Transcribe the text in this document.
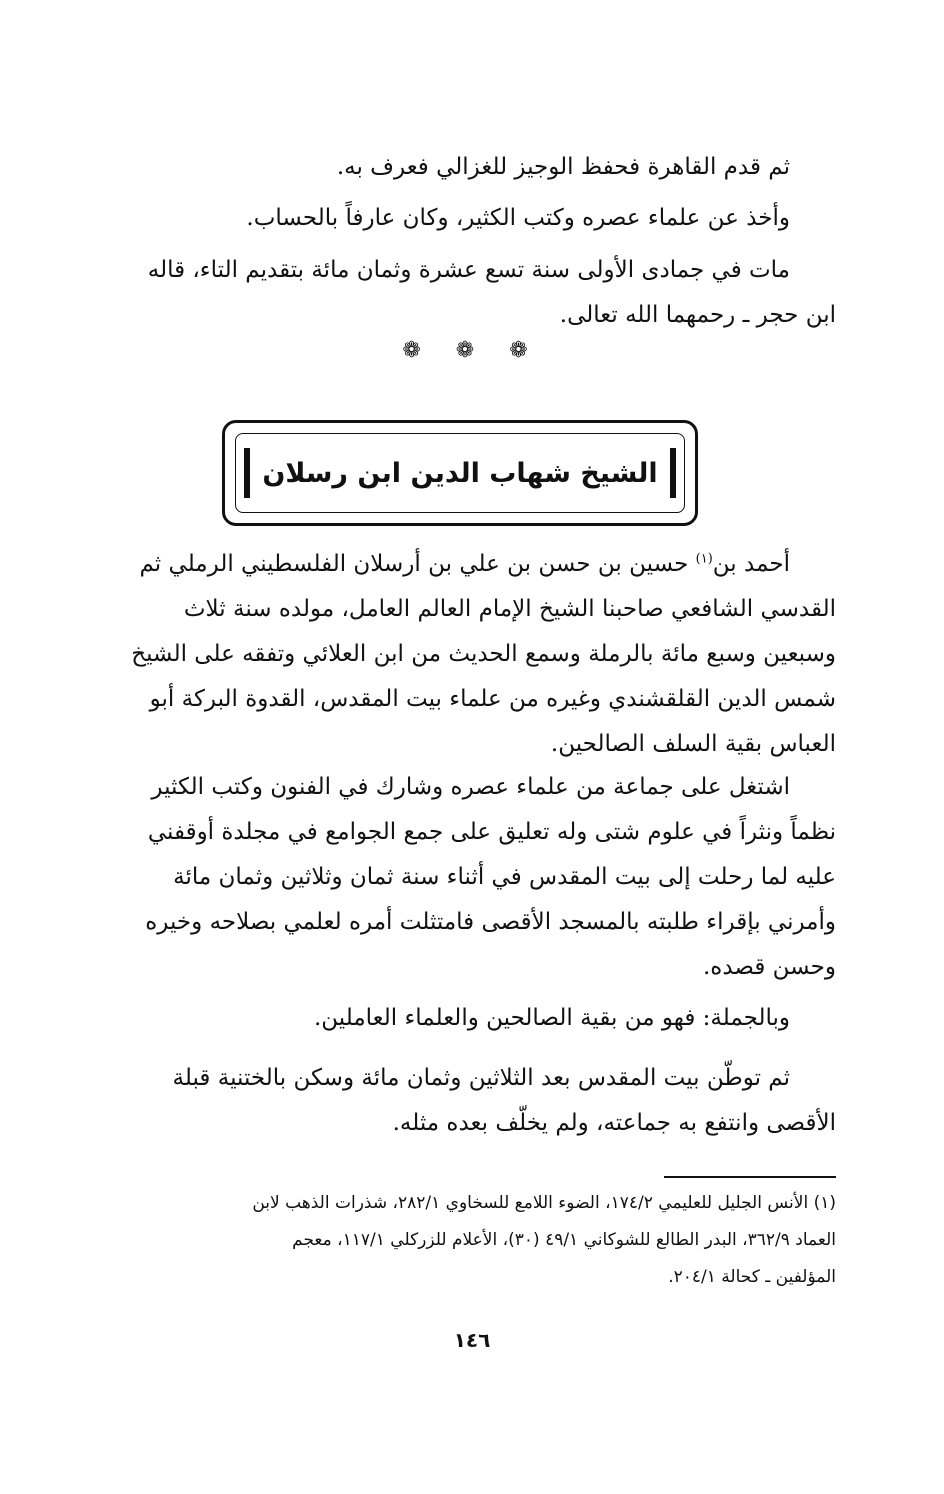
ثم قدم القاهرة فحفظ الوجيز للغزالي فعرف به.
وأخذ عن علماء عصره وكتب الكثير، وكان عارفاً بالحساب.
مات في جمادى الأولى سنة تسع عشرة وثمان مائة بتقديم التاء، قاله
ابن حجر ـ رحمهما الله تعالى.
❁ ❁ ❁
الشيخ شهاب الدين ابن رسلان
أحمد بن$^{(١)}$ حسين بن حسن بن علي بن أرسلان الفلسطيني الرملي ثم
القدسي الشافعي صاحبنا الشيخ الإمام العالم العامل، مولده سنة ثلاث
وسبعين وسبع مائة بالرملة وسمع الحديث من ابن العلائي وتفقه على الشيخ
شمس الدين القلقشندي وغيره من علماء بيت المقدس، القدوة البركة أبو
العباس بقية السلف الصالحين.
اشتغل على جماعة من علماء عصره وشارك في الفنون وكتب الكثير
نظماً ونثراً في علوم شتى وله تعليق على جمع الجوامع في مجلدة أوقفني
عليه لما رحلت إلى بيت المقدس في أثناء سنة ثمان وثلاثين وثمان مائة
وأمرني بإقراء طلبته بالمسجد الأقصى فامتثلت أمره لعلمي بصلاحه وخيره
وحسن قصده.
وبالجملة: فهو من بقية الصالحين والعلماء العاملين.
ثم توطّن بيت المقدس بعد الثلاثين وثمان مائة وسكن بالختنية قبلة
الأقصى وانتفع به جماعته، ولم يخلّف بعده مثله.
(١) الأنس الجليل للعليمي ١٧٤/٢، الضوء اللامع للسخاوي ٢٨٢/١، شذرات الذهب لابن
العماد ٣٦٢/٩، البدر الطالع للشوكاني ٤٩/١ (٣٠)، الأعلام للزركلي ١١٧/١، معجم
المؤلفين ـ كحالة ٢٠٤/١.
١٤٦
